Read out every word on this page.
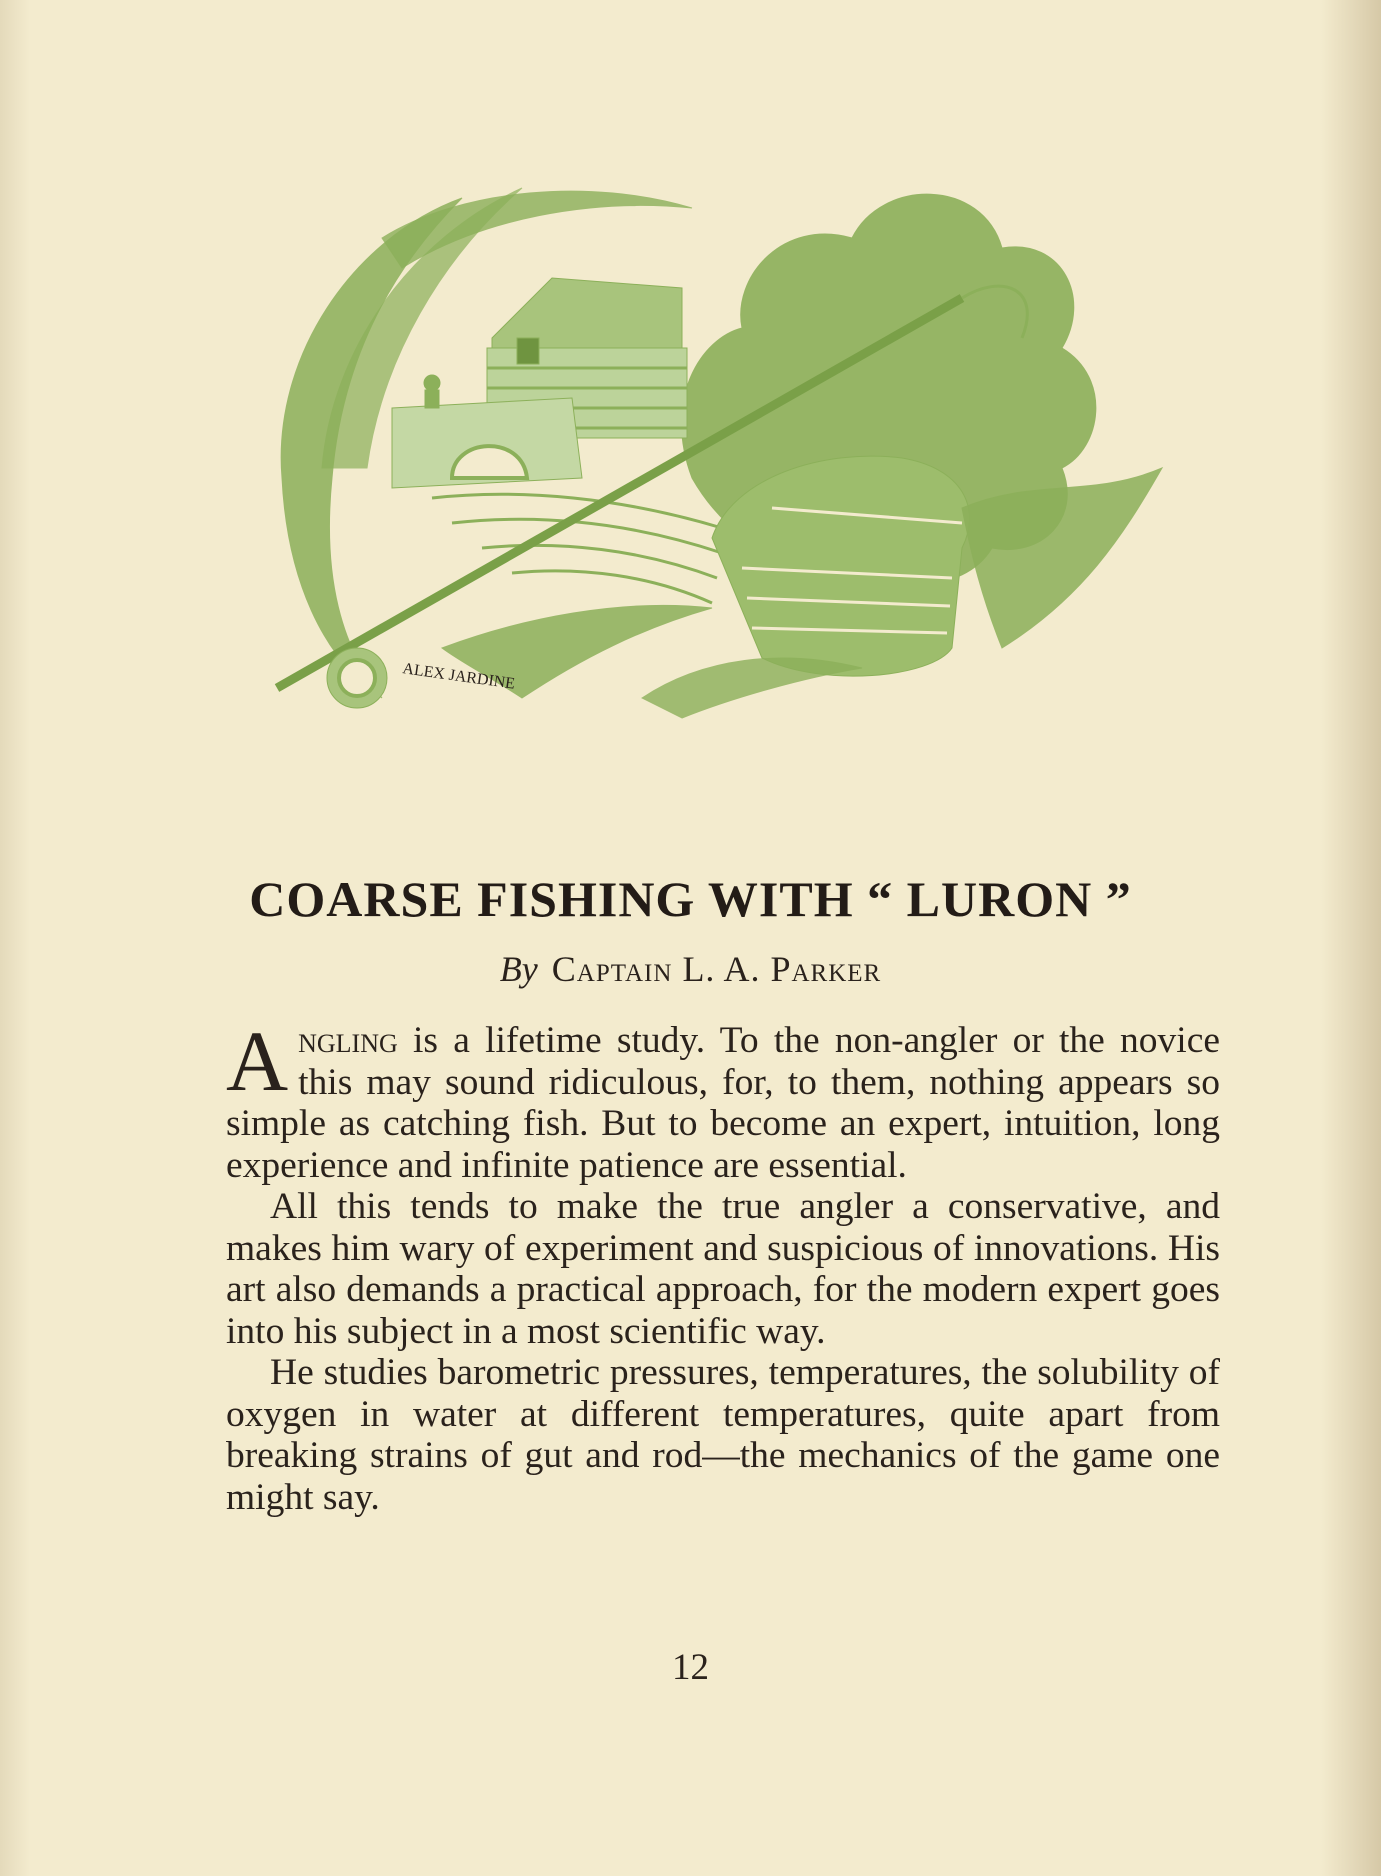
ALEX JARDINE
COARSE FISHING WITH “ LURON ”
By Captain L. A. Parker

Angling is a lifetime study. To the non-angler or the novice this may sound ridiculous, for, to them, nothing appears so simple as catching fish. But to become an expert, intuition, long experience and infinite patience are essential.

All this tends to make the true angler a conservative, and makes him wary of experiment and suspicious of innovations. His art also demands a practical approach, for the modern expert goes into his subject in a most scientific way.

He studies barometric pressures, temperatures, the solubility of oxygen in water at different temperatures, quite apart from breaking strains of gut and rod—the mechanics of the game one might say.

12
